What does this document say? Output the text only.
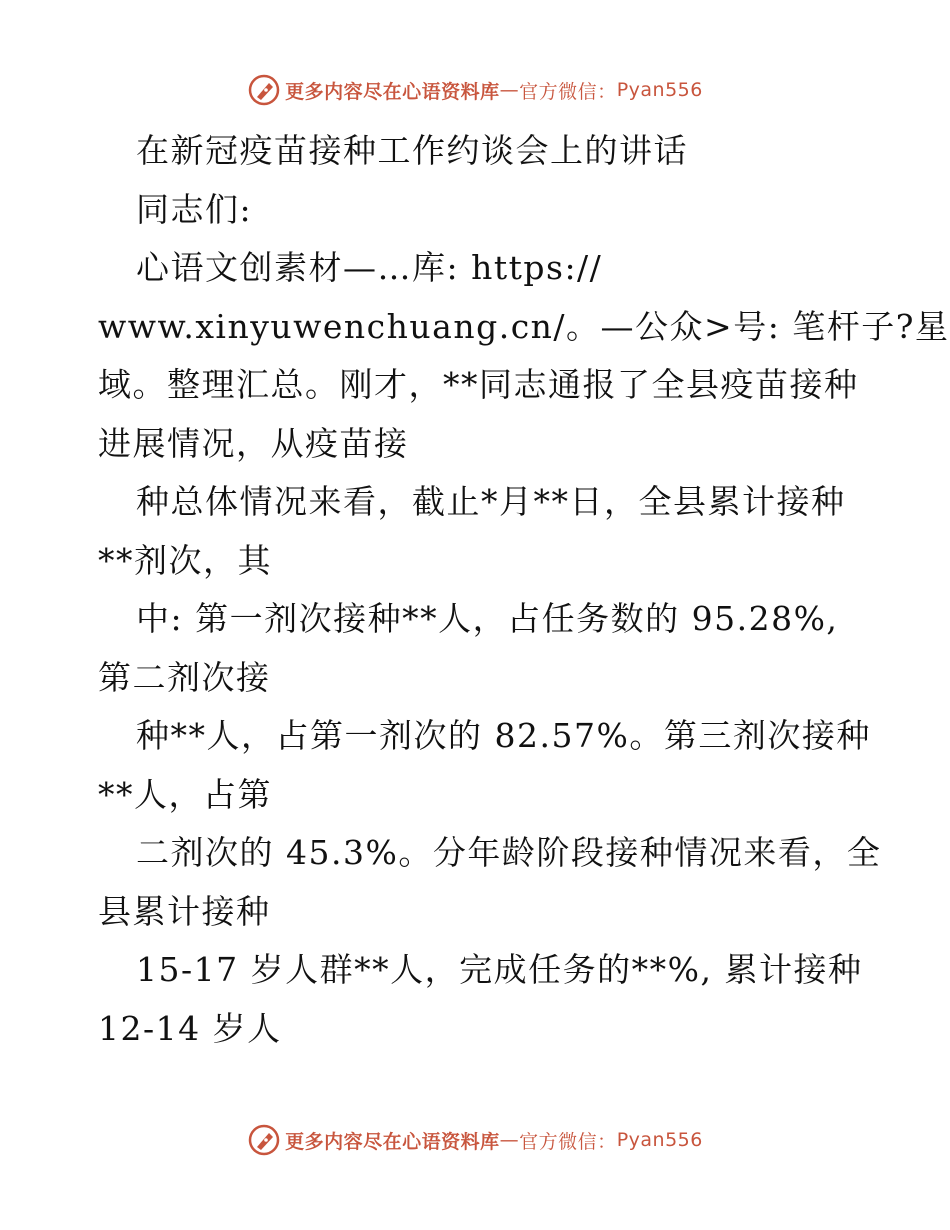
更多内容尽在心语资料库 — 官方微信： Pyan556

在新冠疫苗接种工作约谈会上的讲话

同志们:

心语文创素材—…库: https://

www.xinyuwenchuang.cn/。—公众>号: 笔杆子?星

域。整理汇总。刚才，**同志通报了全县疫苗接种

进展情况，从疫苗接

种总体情况来看，截止*月**日，全县累计接种

**剂次，其

中: 第一剂次接种**人，占任务数的 95.28%,

第二剂次接

种**人，占第一剂次的 82.57%。第三剂次接种

**人，占第

二剂次的 45.3%。分年龄阶段接种情况来看，全

县累计接种

15-17 岁人群**人，完成任务的**%, 累计接种

12-14 岁人

更多内容尽在心语资料库 — 官方微信： Pyan556
